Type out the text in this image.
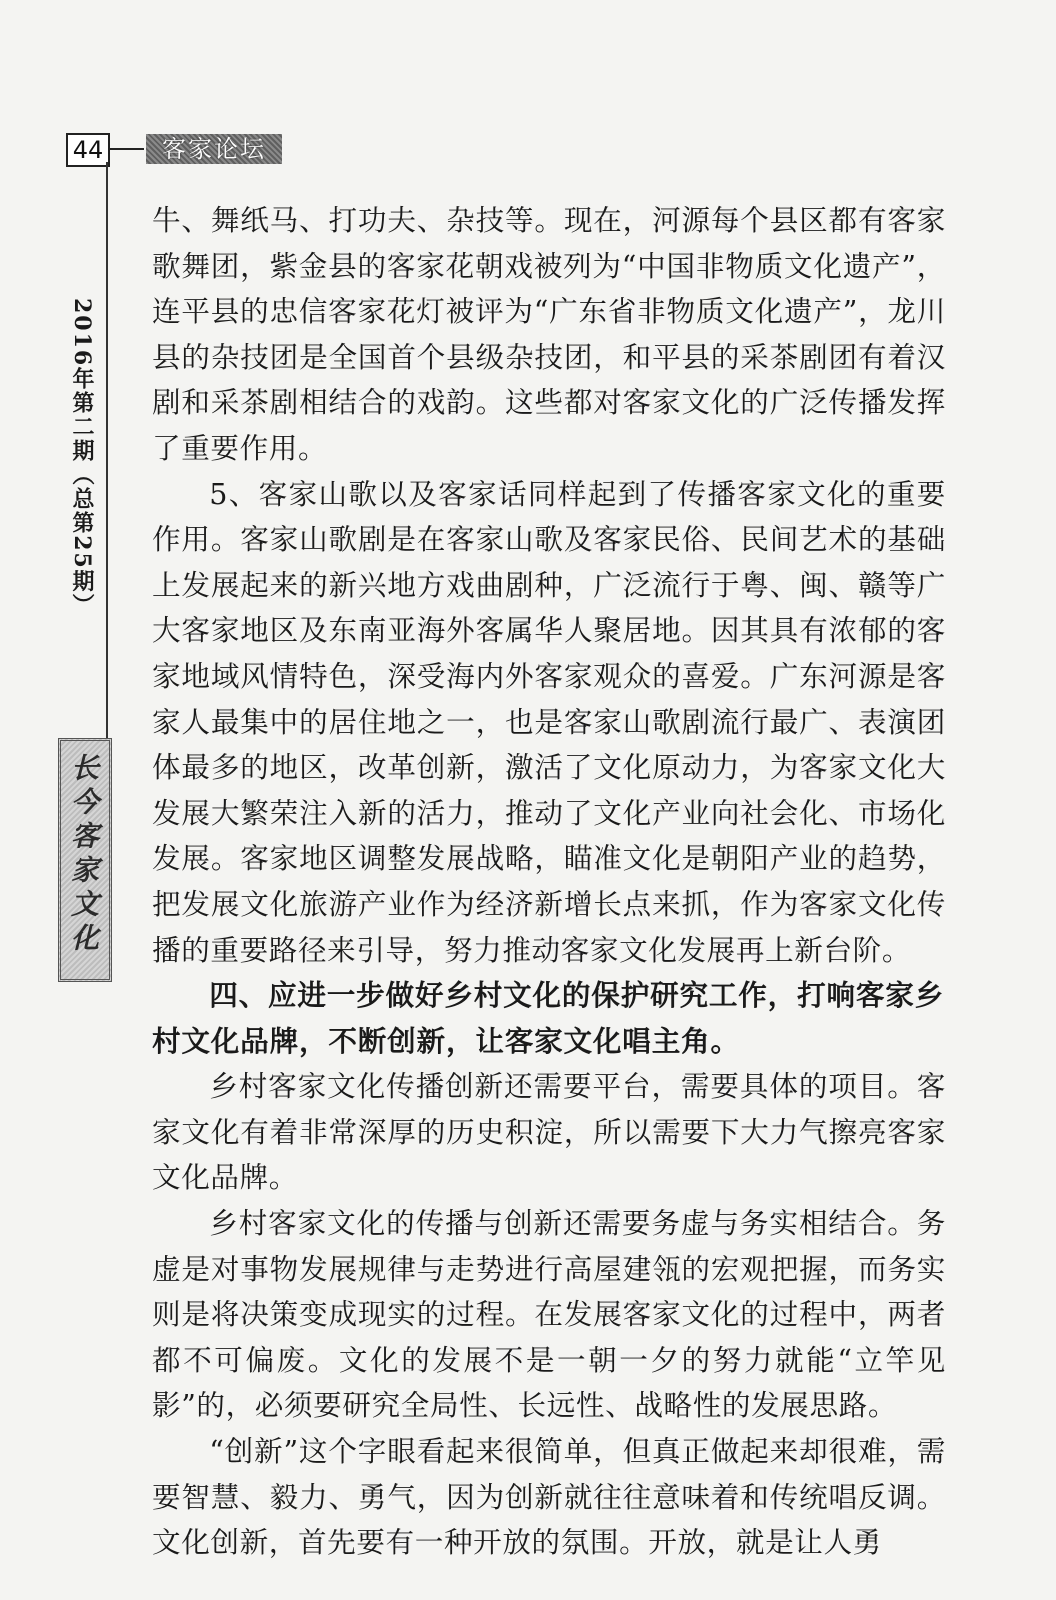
44	客家论坛
2016年第二期（总第25期）
长今客家文化

牛、舞纸马、打功夫、杂技等。现在，河源每个县区都有客家歌舞团，紫金县的客家花朝戏被列为“中国非物质文化遗产”，连平县的忠信客家花灯被评为“广东省非物质文化遗产”，龙川县的杂技团是全国首个县级杂技团，和平县的采茶剧团有着汉剧和采茶剧相结合的戏韵。这些都对客家文化的广泛传播发挥了重要作用。

5、客家山歌以及客家话同样起到了传播客家文化的重要作用。客家山歌剧是在客家山歌及客家民俗、民间艺术的基础上发展起来的新兴地方戏曲剧种，广泛流行于粤、闽、赣等广大客家地区及东南亚海外客属华人聚居地。因其具有浓郁的客家地域风情特色，深受海内外客家观众的喜爱。广东河源是客家人最集中的居住地之一，也是客家山歌剧流行最广、表演团体最多的地区，改革创新，激活了文化原动力，为客家文化大发展大繁荣注入新的活力，推动了文化产业向社会化、市场化发展。客家地区调整发展战略，瞄准文化是朝阳产业的趋势，把发展文化旅游产业作为经济新增长点来抓，作为客家文化传播的重要路径来引导，努力推动客家文化发展再上新台阶。

四、应进一步做好乡村文化的保护研究工作，打响客家乡村文化品牌，不断创新，让客家文化唱主角。

乡村客家文化传播创新还需要平台，需要具体的项目。客家文化有着非常深厚的历史积淀，所以需要下大力气擦亮客家文化品牌。

乡村客家文化的传播与创新还需要务虚与务实相结合。务虚是对事物发展规律与走势进行高屋建瓴的宏观把握，而务实则是将决策变成现实的过程。在发展客家文化的过程中，两者都不可偏废。文化的发展不是一朝一夕的努力就能“立竿见影”的，必须要研究全局性、长远性、战略性的发展思路。

“创新”这个字眼看起来很简单，但真正做起来却很难，需要智慧、毅力、勇气，因为创新就往往意味着和传统唱反调。文化创新，首先要有一种开放的氛围。开放，就是让人勇
